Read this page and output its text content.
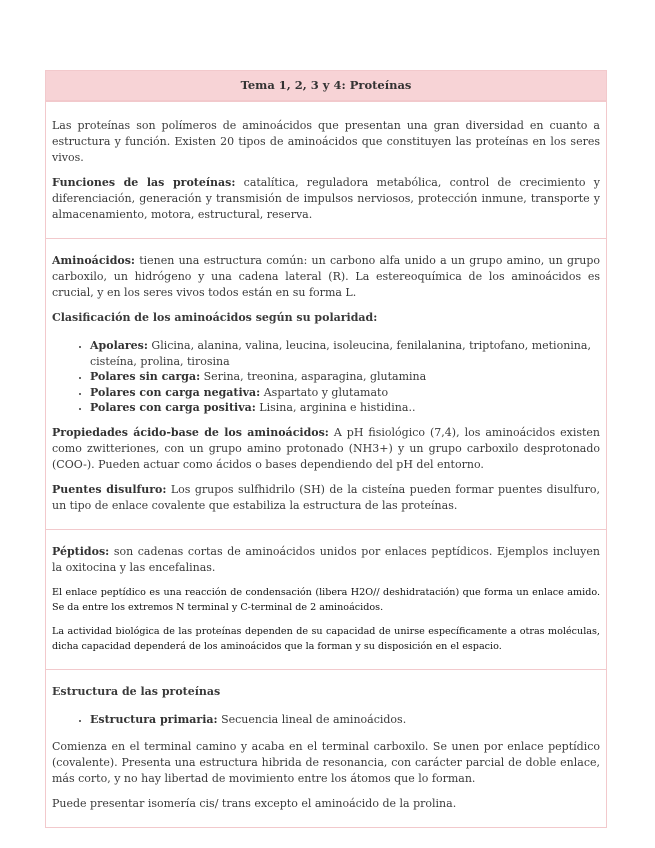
Tema 1, 2, 3 y 4: Proteínas

Las proteínas son polímeros de aminoácidos que presentan una gran diversidad en cuanto a estructura y función. Existen 20 tipos de aminoácidos que constituyen las proteínas en los seres vivos.

Funciones de las proteínas: catalítica, reguladora metabólica, control de crecimiento y diferenciación, generación y transmisión de impulsos nerviosos, protección inmune, transporte y almacenamiento, motora, estructural, reserva.

Aminoácidos: tienen una estructura común: un carbono alfa unido a un grupo amino, un grupo carboxilo, un hidrógeno y una cadena lateral (R). La estereoquímica de los aminoácidos es crucial, y en los seres vivos todos están en su forma L.

Clasificación de los aminoácidos según su polaridad:

• Apolares: Glicina, alanina, valina, leucina, isoleucina, fenilalanina, triptofano, metionina, cisteína, prolina, tirosina
• Polares sin carga: Serina, treonina, asparagina, glutamina
• Polares con carga negativa: Aspartato y glutamato
• Polares con carga positiva: Lisina, arginina e histidina..

Propiedades ácido-base de los aminoácidos: A pH fisiológico (7,4), los aminoácidos existen como zwitteriones, con un grupo amino protonado (NH3+) y un grupo carboxilo desprotonado (COO-). Pueden actuar como ácidos o bases dependiendo del pH del entorno.

Puentes disulfuro: Los grupos sulfhidrilo (SH) de la cisteína pueden formar puentes disulfuro, un tipo de enlace covalente que estabiliza la estructura de las proteínas.

Péptidos: son cadenas cortas de aminoácidos unidos por enlaces peptídicos. Ejemplos incluyen la oxitocina y las encefalinas.

El enlace peptídico es una reacción de condensación (libera H2O// deshidratación) que forma un enlace amido. Se da entre los extremos N terminal y C-terminal de 2 aminoácidos.

La actividad biológica de las proteínas dependen de su capacidad de unirse específicamente a otras moléculas, dicha capacidad dependerá de los aminoácidos que la forman y su disposición en el espacio.

Estructura de las proteínas

• Estructura primaria: Secuencia lineal de aminoácidos.

Comienza en el terminal camino y acaba en el terminal carboxilo. Se unen por enlace peptídico (covalente). Presenta una estructura hibrida de resonancia, con carácter parcial de doble enlace, más corto, y no hay libertad de movimiento entre los átomos que lo forman.

Puede presentar isomería cis/ trans excepto el aminoácido de la prolina.
